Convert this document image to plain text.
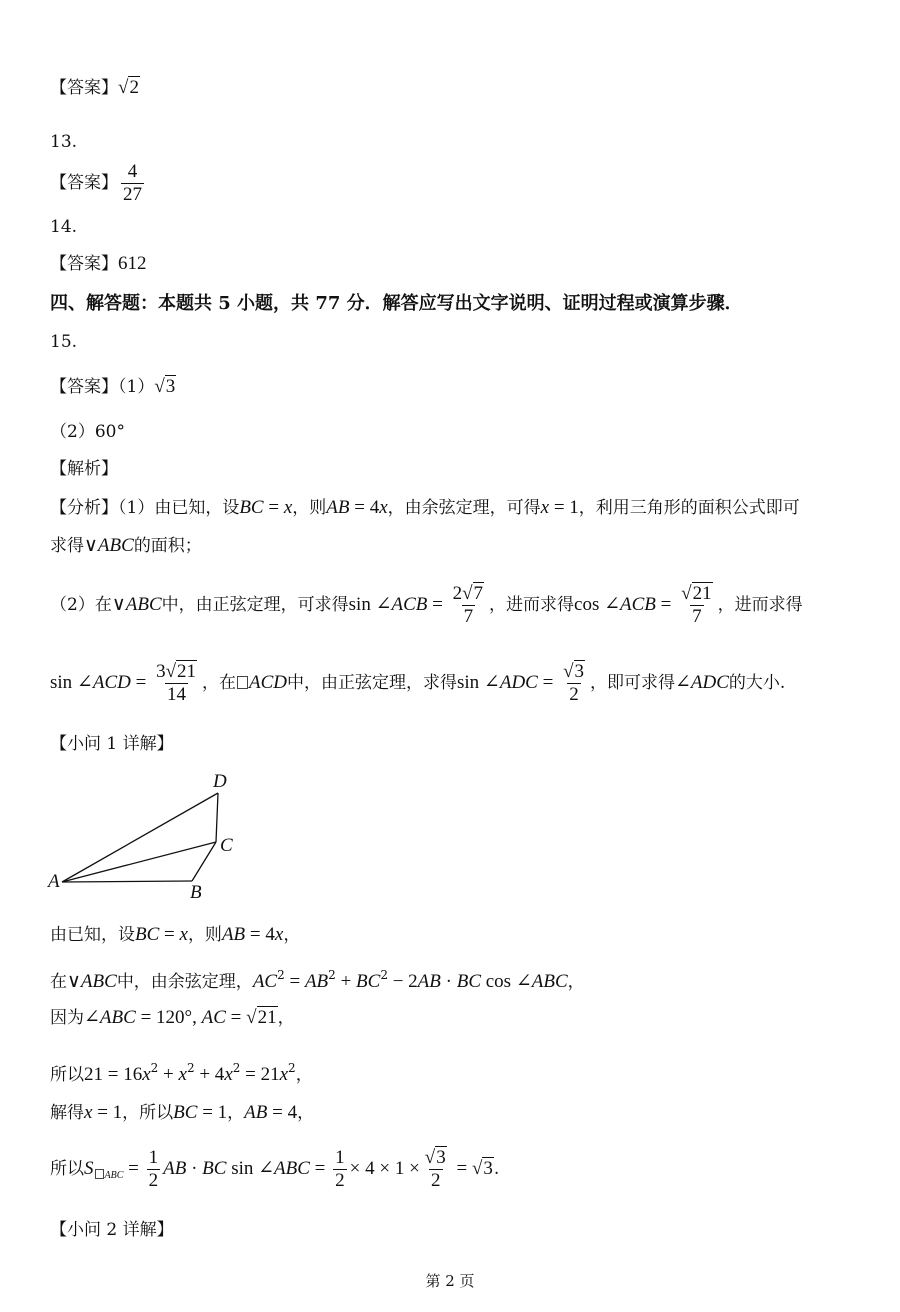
【答案】√2
13.
【答案】 $\frac{4}{27}$
14.
【答案】612
四、解答题：本题共 5 小题，共 77 分．解答应写出文字说明、证明过程或演算步骤．
15.
【答案】（1）√3
（2）60°
【解析】
【分析】（1）由已知，设BC = x，则AB = 4x，由余弦定理，可得x = 1，利用三角形的面积公式即可
求得∨ABC的面积；
（2）在∨ABC中，由正弦定理，可求得sin ∠ACB = $\frac{2√7}{7}$ ，进而求得cos ∠ACB = $\frac{√21}{7}$ ，进而求得
sin ∠ACD = $\frac{3√21}{14}$ ，在 ACD中，由正弦定理，求得sin ∠ADC = $\frac{√3}{2}$ ，即可求得∠ADC的大小.
【小问 1 详解】
D
C
A
B
由已知，设BC = x，则AB = 4x，
在∨ABC中，由余弦定理，$AC^2 = AB^2 + BC^2 - 2AB$ · BC cos ∠ABC，
因为∠ABC = 120°, AC = √21，
所以$21 = 16x^2 + x^2 + 4x^2 = 21x^2$，
解得x = 1，所以BC = 1，AB = 4，
所以S $_{ABC} = \frac{1}{2}$ AB · BC sin ∠ABC = $\frac{1}{2} \times 4 \times 1 \times \frac{√3}{2} = √3$.
【小问 2 详解】
第 2 页
